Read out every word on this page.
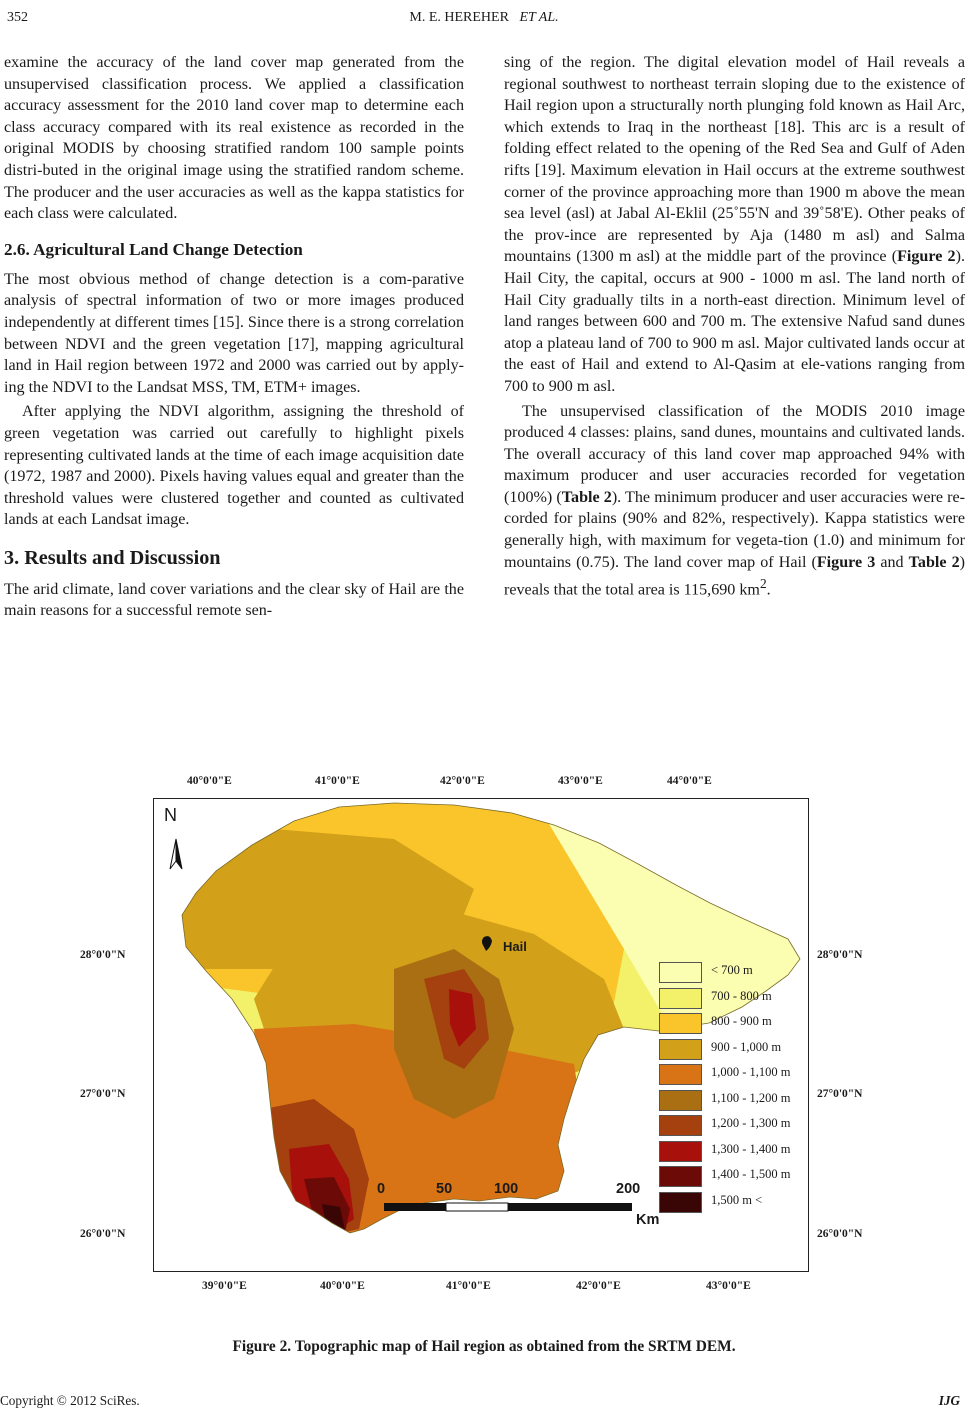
352	M. E. HEREHER ET AL.

examine the accuracy of the land cover map generated from the unsupervised classification process. We applied a classification accuracy assessment for the 2010 land cover map to determine each class accuracy compared with its real existence as recorded in the original MODIS by choosing stratified random 100 sample points distri-buted in the original image using the stratified random scheme. The producer and the user accuracies as well as the kappa statistics for each class were calculated.

2.6. Agricultural Land Change Detection

The most obvious method of change detection is a com-parative analysis of spectral information of two or more images produced independently at different times [15]. Since there is a strong correlation between NDVI and the green vegetation [17], mapping agricultural land in Hail region between 1972 and 2000 was carried out by apply-ing the NDVI to the Landsat MSS, TM, ETM+ images.

After applying the NDVI algorithm, assigning the threshold of green vegetation was carried out carefully to highlight pixels representing cultivated lands at the time of each image acquisition date (1972, 1987 and 2000). Pixels having values equal and greater than the threshold values were clustered together and counted as cultivated lands at each Landsat image.

3. Results and Discussion

The arid climate, land cover variations and the clear sky of Hail are the main reasons for a successful remote sen-

sing of the region. The digital elevation model of Hail reveals a regional southwest to northeast terrain sloping due to the existence of Hail region upon a structurally north plunging fold known as Hail Arc, which extends to Iraq in the northeast [18]. This arc is a result of folding effect related to the opening of the Red Sea and Gulf of Aden rifts [19]. Maximum elevation in Hail occurs at the extreme southwest corner of the province approaching more than 1900 m above the mean sea level (asl) at Jabal Al-Eklil (25˚55'N and 39˚58'E). Other peaks of the prov-ince are represented by Aja (1480 m asl) and Salma mountains (1300 m asl) at the middle part of the province (Figure 2). Hail City, the capital, occurs at 900 - 1000 m asl. The land north of Hail City gradually tilts in a north-east direction. Minimum level of land ranges between 600 and 700 m. The extensive Nafud sand dunes atop a plateau land of 700 to 900 m asl. Major cultivated lands occur at the east of Hail and extend to Al-Qasim at ele-vations ranging from 700 to 900 m asl.

The unsupervised classification of the MODIS 2010 image produced 4 classes: plains, sand dunes, mountains and cultivated lands. The overall accuracy of this land cover map approached 94% with maximum producer and user accuracies recorded for vegetation (100%) (Table 2). The minimum producer and user accuracies were re-corded for plains (90% and 82%, respectively). Kappa statistics were generally high, with maximum for vegeta-tion (1.0) and minimum for mountains (0.75). The land cover map of Hail (Figure 3 and Table 2) reveals that the total area is 115,690 $km^2$.

40°0'0"E	41°0'0"E	42°0'0"E	43°0'0"E	44°0'0"E
39°0'0"E	40°0'0"E	41°0'0"E	42°0'0"E	43°0'0"E
28°0'0"N
27°0'0"N
26°0'0"N
28°0'0"N
27°0'0"N
26°0'0"N
N
Hail
0	50	100	200
Km
< 700 m
700 - 800 m
800 - 900 m
900 - 1,000 m
1,000 - 1,100 m
1,100 - 1,200 m
1,200 - 1,300 m
1,300 - 1,400 m
1,400 - 1,500 m
1,500 m <
Figure 2. Topographic map of Hail region as obtained from the SRTM DEM.
Copyright © 2012 SciRes.	IJG
